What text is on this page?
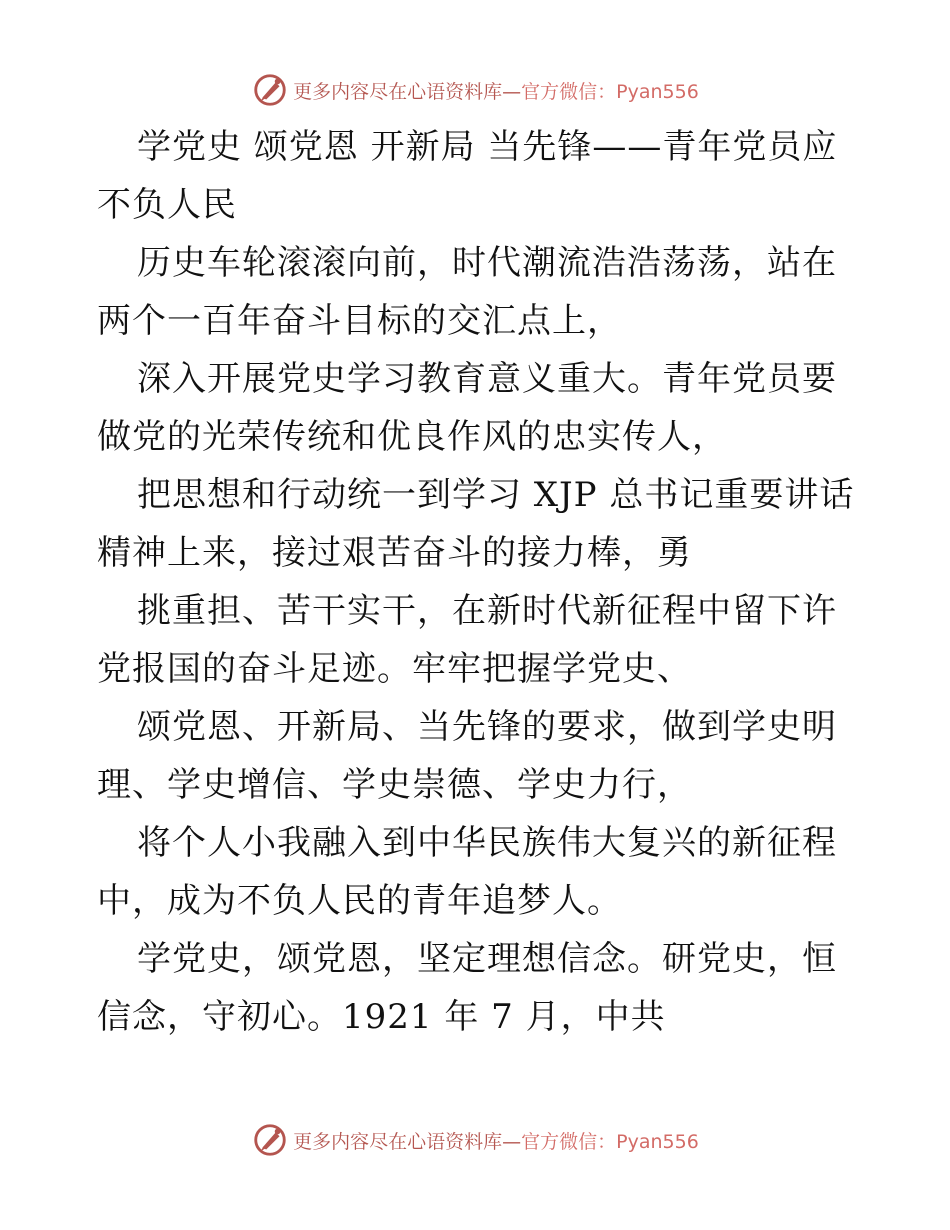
更多内容尽在心语资料库— 官方微信：Pyan556

学党史 颂党恩 开新局 当先锋——青年党员应不负人民

历史车轮滚滚向前，时代潮流浩浩荡荡，站在两个一百年奋斗目标的交汇点上，

深入开展党史学习教育意义重大。青年党员要做党的光荣传统和优良作风的忠实传人，

把思想和行动统一到学习 XJP 总书记重要讲话精神上来，接过艰苦奋斗的接力棒，勇

挑重担、苦干实干，在新时代新征程中留下许党报国的奋斗足迹。牢牢把握学党史、

颂党恩、开新局、当先锋的要求，做到学史明理、学史增信、学史崇德、学史力行，

将个人小我融入到中华民族伟大复兴的新征程中，成为不负人民的青年追梦人。

学党史，颂党恩，坚定理想信念。研党史，恒信念，守初心。1921 年 7 月，中共

更多内容尽在心语资料库— 官方微信：Pyan556
